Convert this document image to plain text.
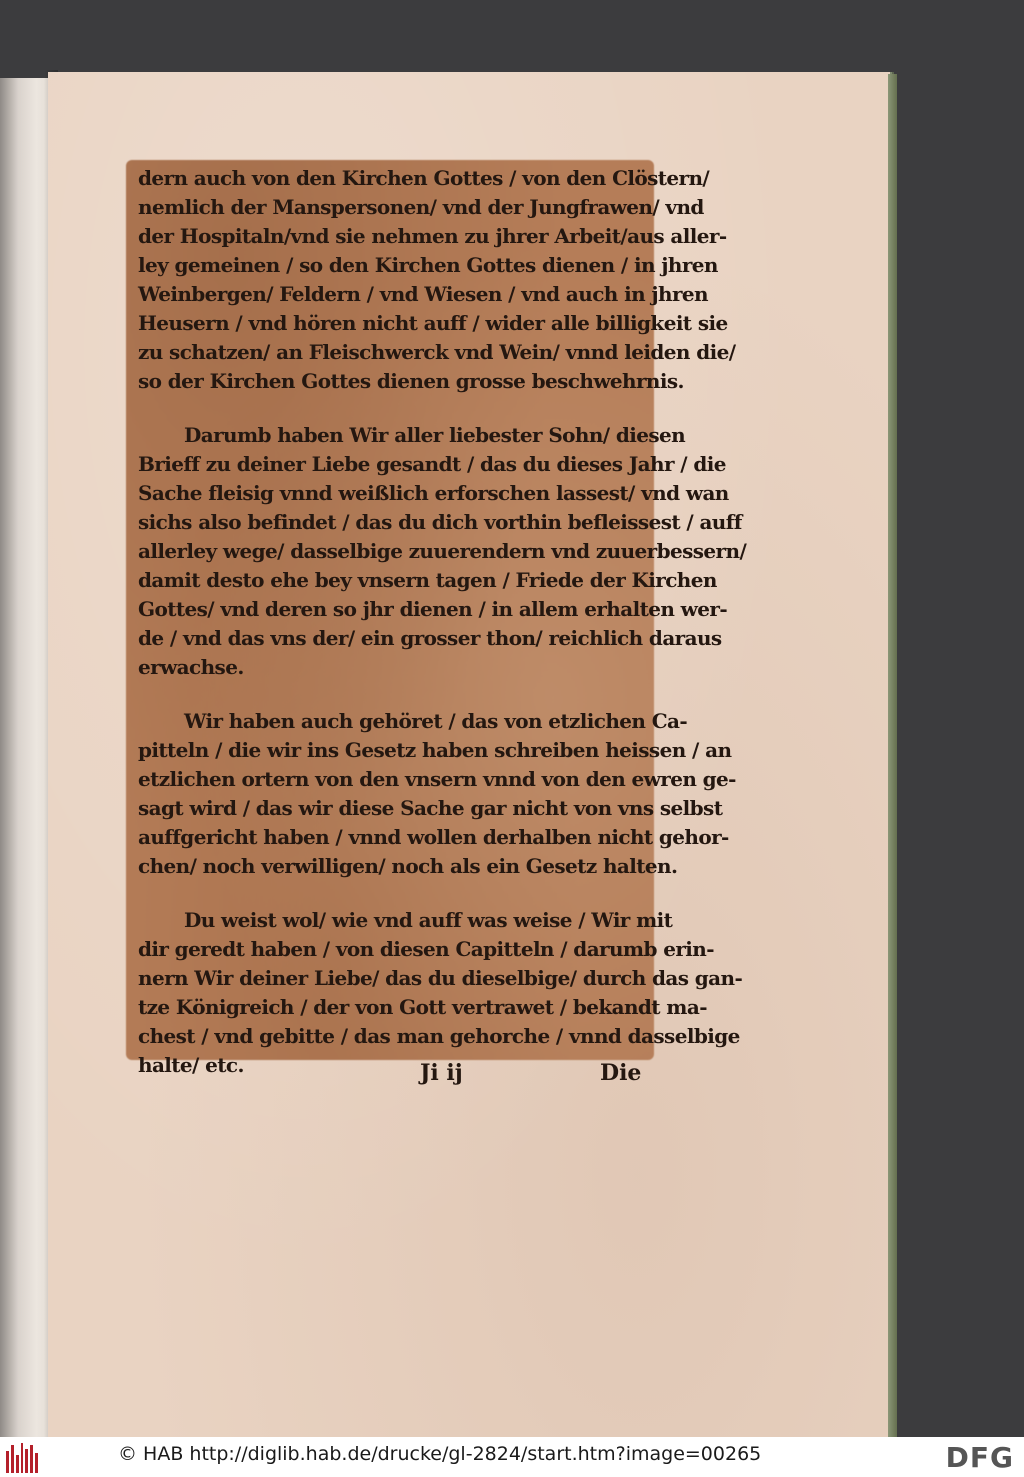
dern auch von den Kirchen Gottes / von den Clöstern/
nemlich der Manspersonen/ vnd der Jungfrawen/ vnd
der Hospitaln/vnd sie nehmen zu jhrer Arbeit/aus aller-
ley gemeinen / so den Kirchen Gottes dienen / in jhren
Weinbergen/ Feldern / vnd Wiesen / vnd auch in jhren
Heusern / vnd hören nicht auff / wider alle billigkeit sie
zu schatzen/ an Fleischwerck vnd Wein/ vnnd leiden die/
so der Kirchen Gottes dienen grosse beschwehrnis.
Darumb haben Wir aller liebester Sohn/ diesen
Brieff zu deiner Liebe gesandt / das du dieses Jahr / die
Sache fleisig vnnd weißlich erforschen lassest/ vnd wan
sichs also befindet / das du dich vorthin befleissest / auff
allerley wege/ dasselbige zuuerendern vnd zuuerbessern/
damit desto ehe bey vnsern tagen / Friede der Kirchen
Gottes/ vnd deren so jhr dienen / in allem erhalten wer-
de / vnd das vns der/ ein grosser thon/ reichlich daraus
erwachse.
Wir haben auch gehöret / das von etzlichen Ca-
pitteln / die wir ins Gesetz haben schreiben heissen / an
etzlichen ortern von den vnsern vnnd von den ewren ge-
sagt wird / das wir diese Sache gar nicht von vns selbst
auffgericht haben / vnnd wollen derhalben nicht gehor-
chen/ noch verwilligen/ noch als ein Gesetz halten.
Du weist wol/ wie vnd auff was weise / Wir mit
dir geredt haben / von diesen Capitteln / darumb erin-
nern Wir deiner Liebe/ das du dieselbige/ durch das gan-
tze Königreich / der von Gott vertrawet / bekandt ma-
chest / vnd gebitte / das man gehorche / vnnd dasselbige
halte/ etc.	Ji ij	Die
© HAB http://diglib.hab.de/drucke/gl-2824/start.htm?image=00265	DFG
